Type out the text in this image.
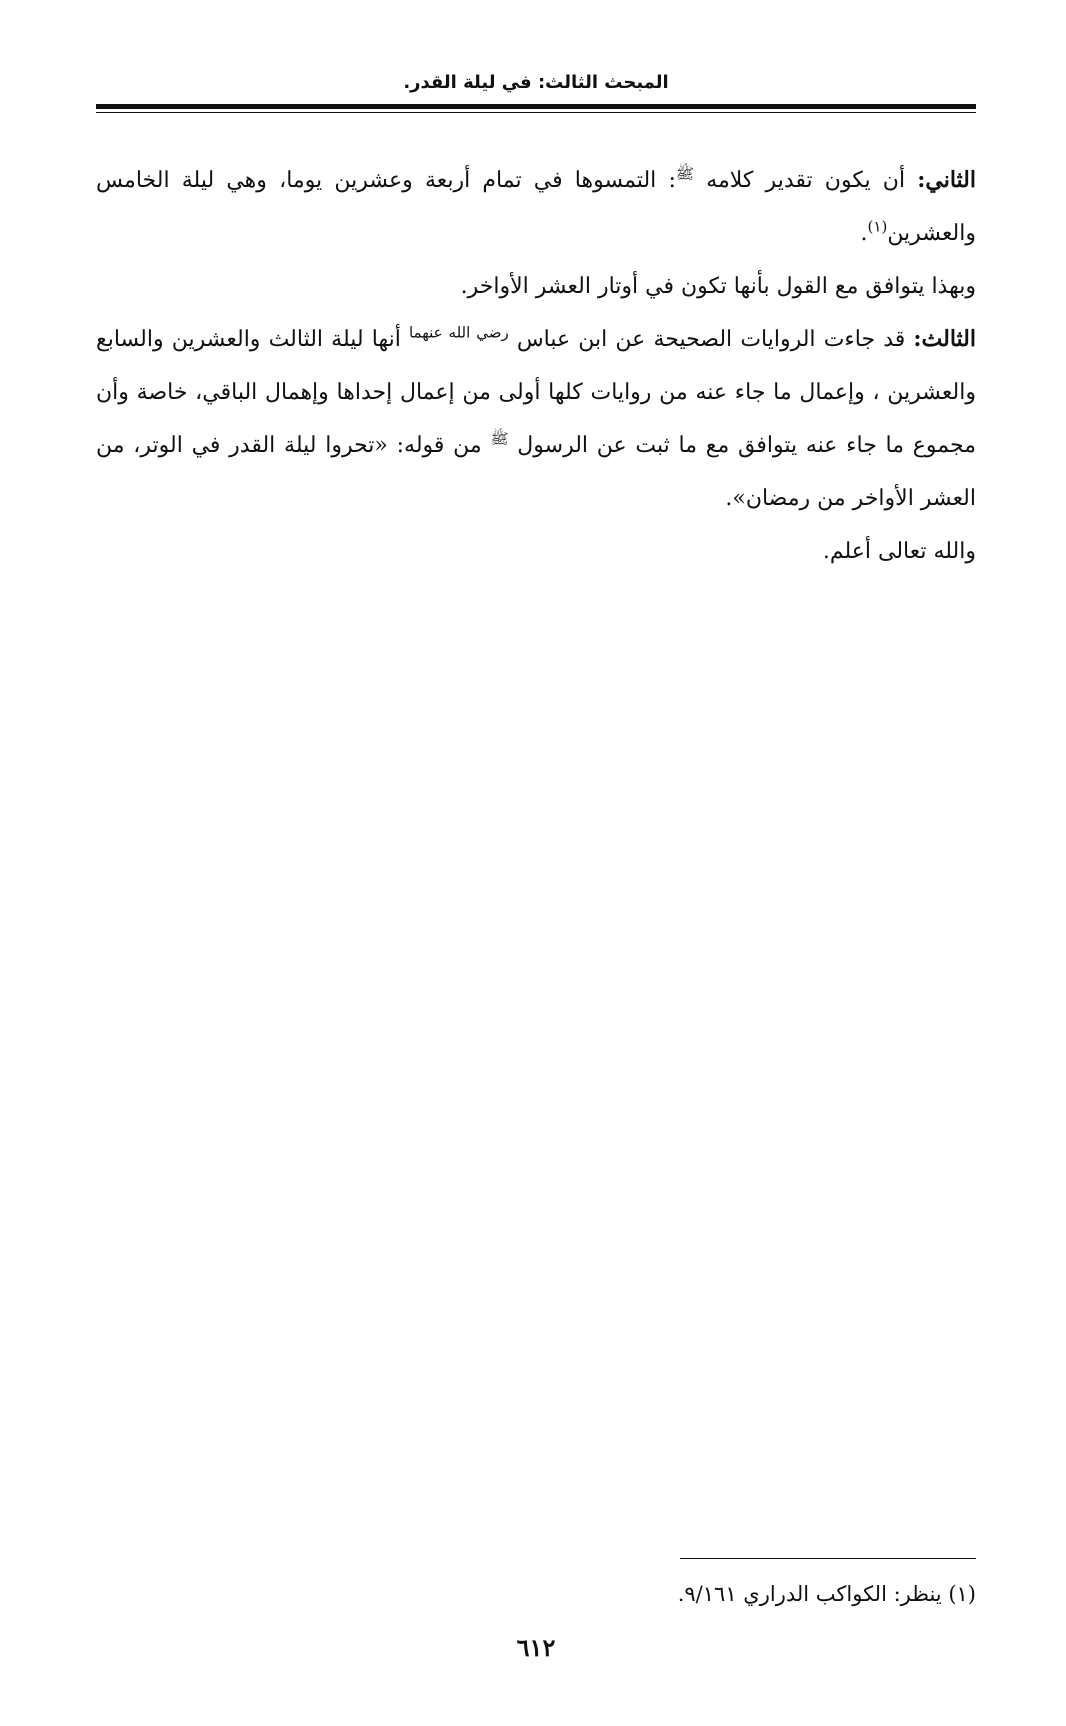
المبحث الثالث: في ليلة القدر.

الثاني: أن يكون تقدير كلامه $^ﷺ$: التمسوها في تمام أربعة وعشرين يوما، وهي ليلة الخامس والعشرين$^{(١)}$.

وبهذا يتوافق مع القول بأنها تكون في أوتار العشر الأواخر.

الثالث: قد جاءت الروايات الصحيحة عن ابن عباس $^{رضي الله عنهما}$ أنها ليلة الثالث والعشرين والسابع والعشرين ، وإعمال ما جاء عنه من روايات كلها أولى من إعمال إحداها وإهمال الباقي، خاصة وأن مجموع ما جاء عنه يتوافق مع ما ثبت عن الرسول $^ﷺ$ من قوله: «تحروا ليلة القدر في الوتر، من العشر الأواخر من رمضان».

والله تعالى أعلم.

(١) ينظر: الكواكب الدراري ٩/١٦١.
٦١٢
